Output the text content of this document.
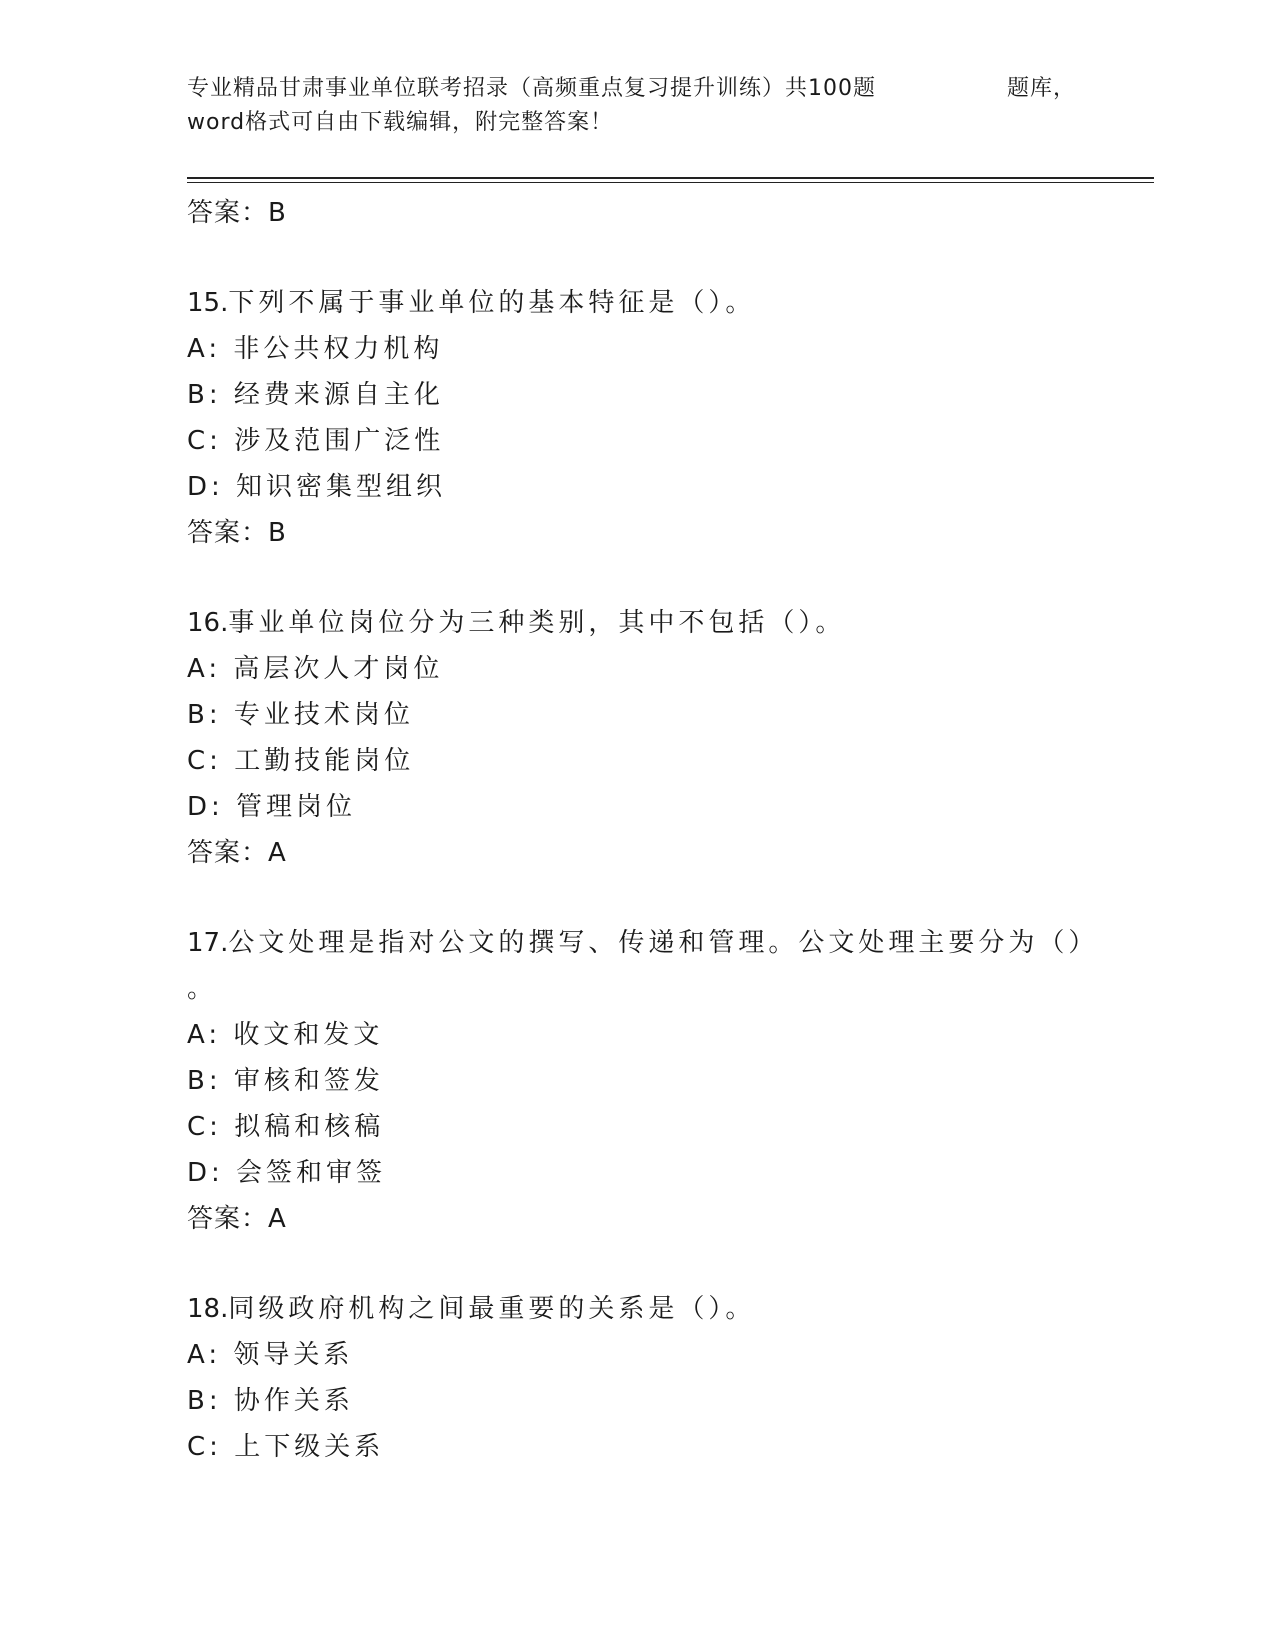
专业精品甘肃事业单位联考招录（高频重点复习提升训练）共100题	题库，
word格式可自由下载编辑，附完整答案！
答案：B
15.下列不属于事业单位的基本特征是（）。
A: 非公共权力机构
B: 经费来源自主化
C: 涉及范围广泛性
D: 知识密集型组织
答案：B
16.事业单位岗位分为三种类别，其中不包括（）。
A: 高层次人才岗位
B: 专业技术岗位
C: 工勤技能岗位
D: 管理岗位
答案：A
17.公文处理是指对公文的撰写、传递和管理。公文处理主要分为（）
。
A: 收文和发文
B: 审核和签发
C: 拟稿和核稿
D: 会签和审签
答案：A
18.同级政府机构之间最重要的关系是（）。
A: 领导关系
B: 协作关系
C: 上下级关系
